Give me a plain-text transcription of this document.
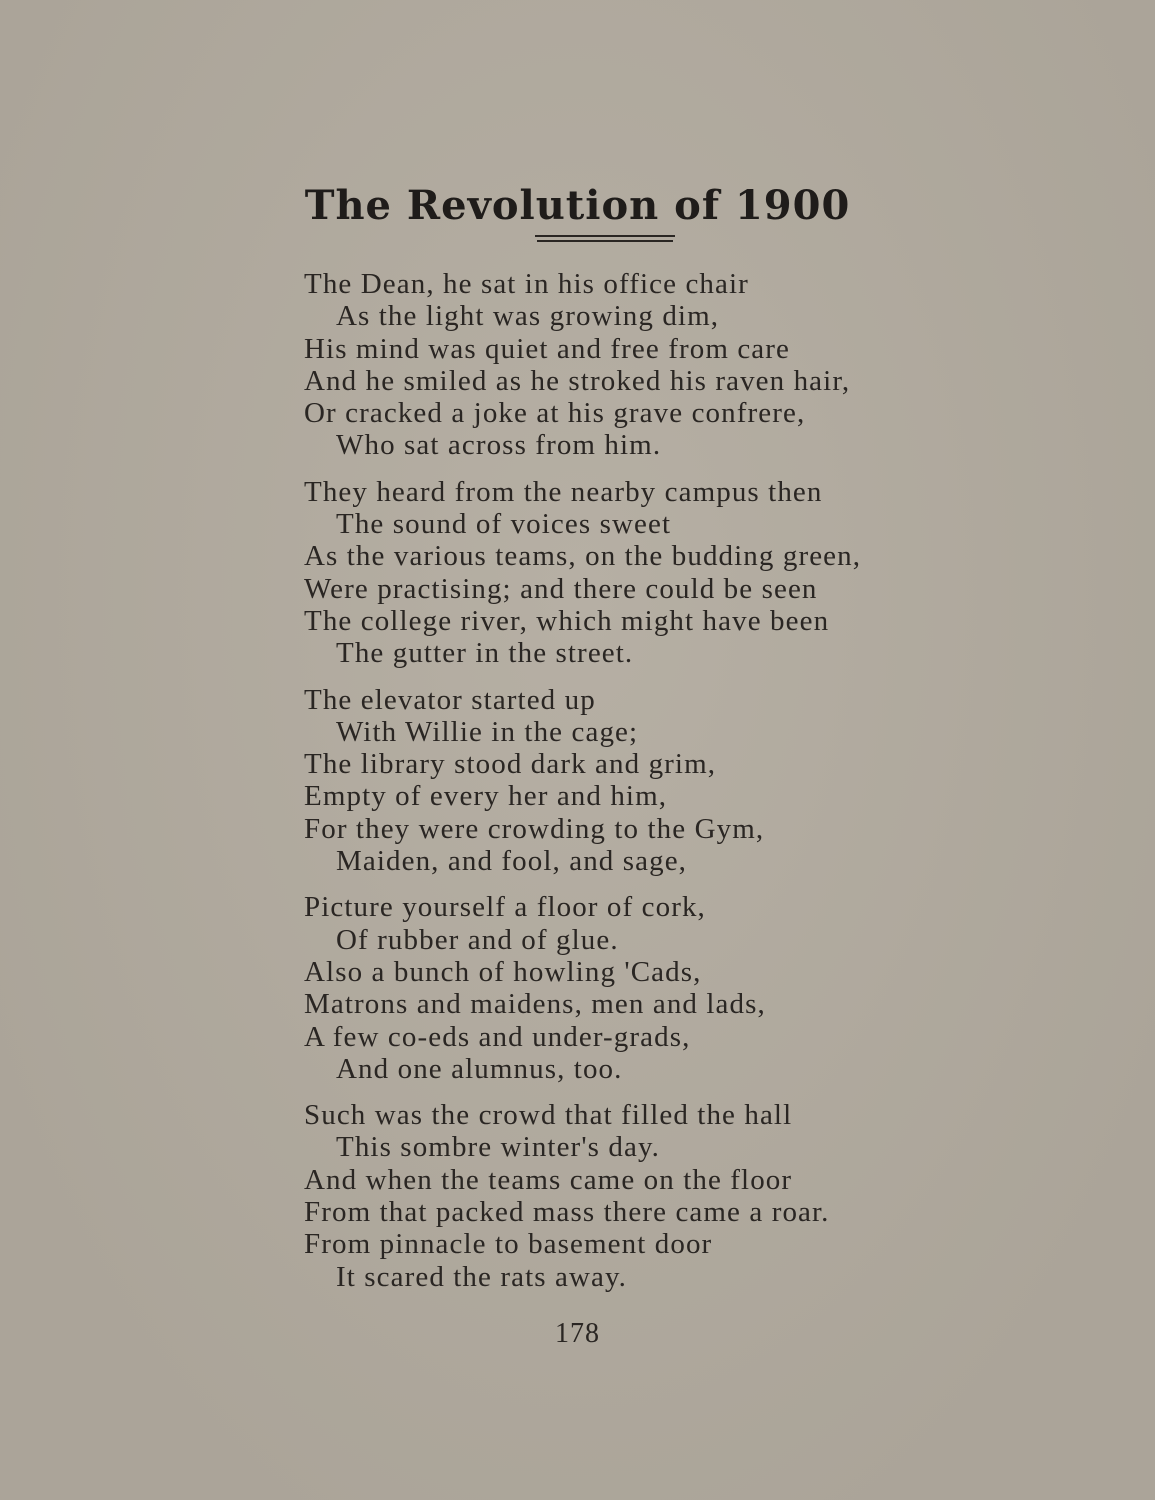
The Revolution of 1900
The Dean, he sat in his office chair
As the light was growing dim,
His mind was quiet and free from care
And he smiled as he stroked his raven hair,
Or cracked a joke at his grave confrere,
Who sat across from him.
They heard from the nearby campus then
The sound of voices sweet
As the various teams, on the budding green,
Were practising; and there could be seen
The college river, which might have been
The gutter in the street.
The elevator started up
With Willie in the cage;
The library stood dark and grim,
Empty of every her and him,
For they were crowding to the Gym,
Maiden, and fool, and sage,
Picture yourself a floor of cork,
Of rubber and of glue.
Also a bunch of howling 'Cads,
Matrons and maidens, men and lads,
A few co-eds and under-grads,
And one alumnus, too.
Such was the crowd that filled the hall
This sombre winter's day.
And when the teams came on the floor
From that packed mass there came a roar.
From pinnacle to basement door
It scared the rats away.
178
